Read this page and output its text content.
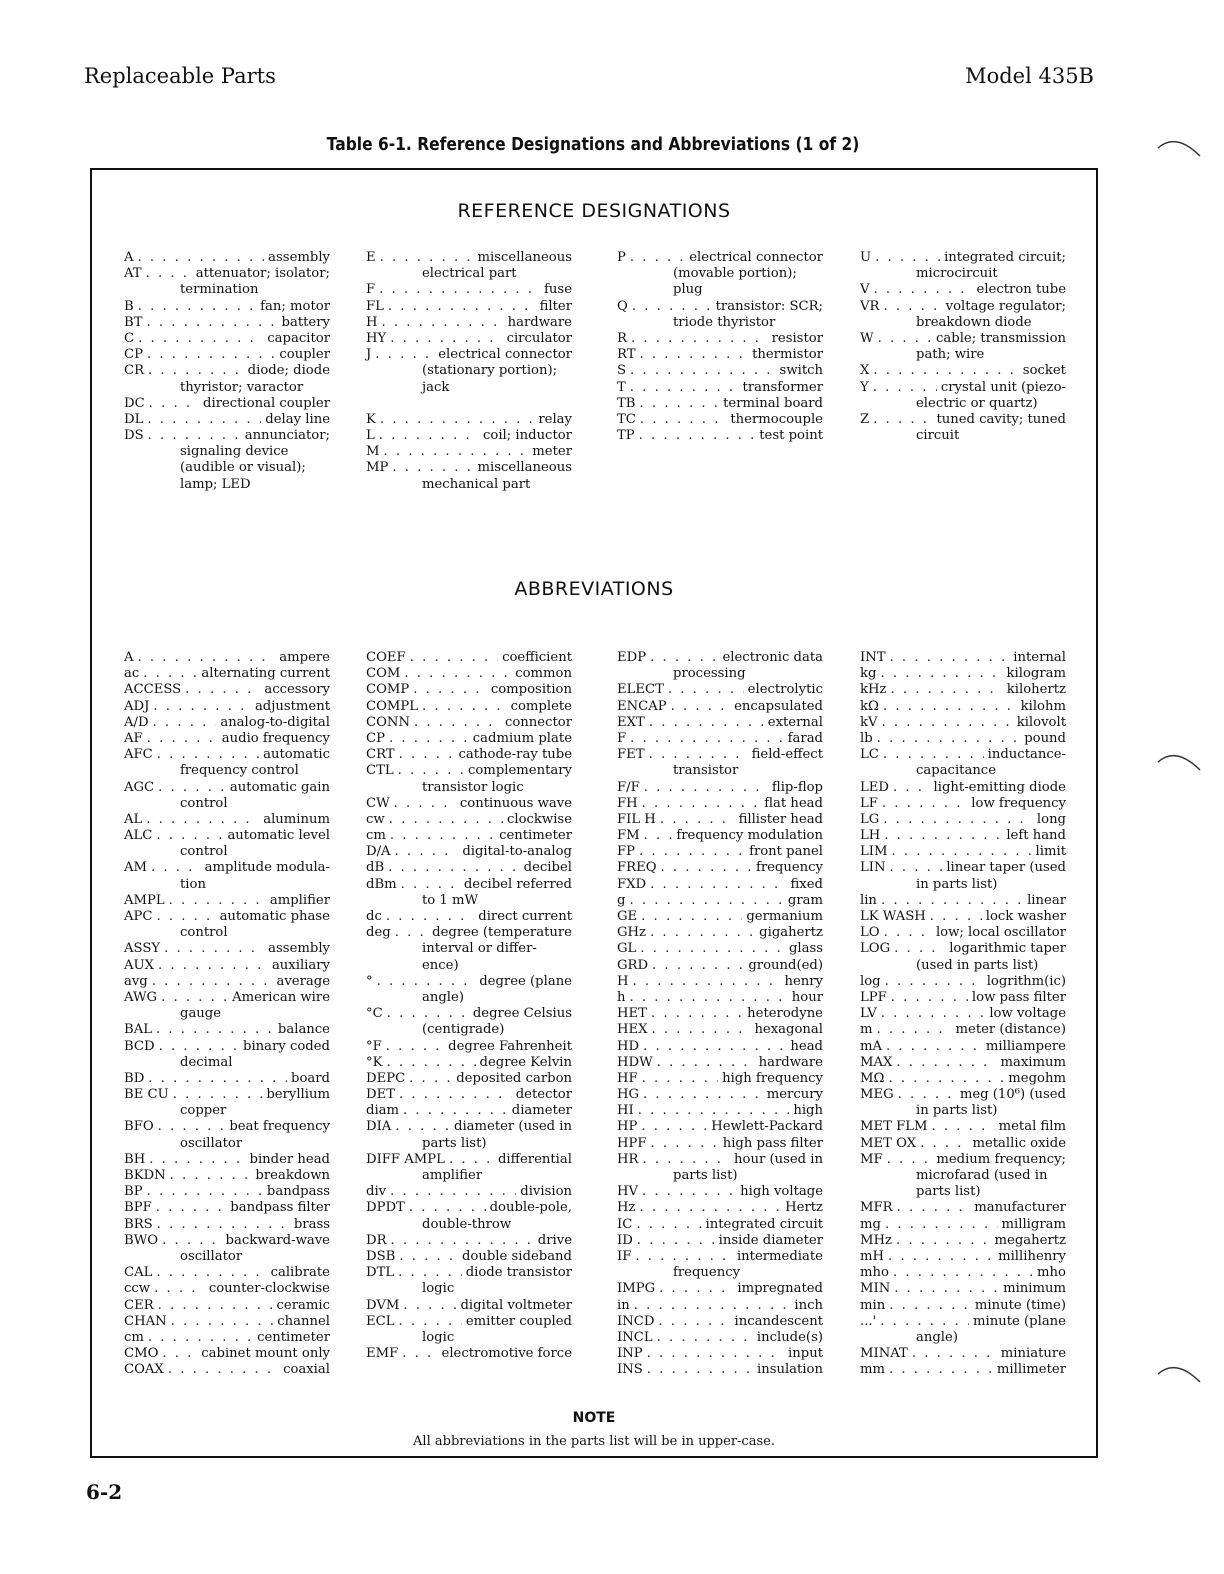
Replaceable Parts	Model 435B
Table 6-1. Reference Designations and Abbreviations (1 of 2)
REFERENCE DESIGNATIONS
A . . .	assembly
AT . . .	attenuator; isolator;
termination
B . . .	fan; motor
BT . . .	battery
C . . .	capacitor
CP . . .	coupler
CR . . .	diode; diode
thyristor; varactor
DC . . .	directional coupler
DL . . .	delay line
DS . . .	annunciator;
signaling device
(audible or visual);
lamp; LED
E . . .	miscellaneous
electrical part
F . . .	fuse
FL . . .	filter
H . . .	hardware
HY . . .	circulator
J . . .	electrical connector
(stationary portion);
jack
K . . .	relay
L . . .	coil; inductor
M . . .	meter
MP . . .	miscellaneous
mechanical part
P . . .	electrical connector
(movable portion);
plug
Q . . .	transistor: SCR;
triode thyristor
R . . .	resistor
RT . . .	thermistor
S . . .	switch
T . . .	transformer
TB . . .	terminal board
TC . . .	thermocouple
TP . . .	test point
U . . .	integrated circuit;
microcircuit
V . . .	electron tube
VR . . .	voltage regulator;
breakdown diode
W . . .	cable; transmission
path; wire
X . . .	socket
Y . . .	crystal unit (piezo-
electric or quartz)
Z . . .	tuned cavity; tuned
circuit
ABBREVIATIONS
A . . .	ampere
ac . . .	alternating current
ACCESS . . .	accessory
ADJ . . .	adjustment
A/D . . .	analog-to-digital
AF . . .	audio frequency
AFC . . .	automatic
frequency control
AGC . . .	automatic gain
control
AL . . .	aluminum
ALC . . .	automatic level
control
AM . . .	amplitude modula-
tion
AMPL . . .	amplifier
APC . . .	automatic phase
control
ASSY . . .	assembly
AUX . . .	auxiliary
avg . . .	average
AWG . . .	American wire
gauge
BAL . . .	balance
BCD . . .	binary coded
decimal
BD . . .	board
BE CU . . .	beryllium
copper
BFO . . .	beat frequency
oscillator
BH . . .	binder head
BKDN . . .	breakdown
BP . . .	bandpass
BPF . . .	bandpass filter
BRS . . .	brass
BWO . . .	backward-wave
oscillator
CAL . . .	calibrate
ccw . . .	counter-clockwise
CER . . .	ceramic
CHAN . . .	channel
cm . . .	centimeter
CMO . . .	cabinet mount only
COAX . . .	coaxial
COEF . . .	coefficient
COM . . .	common
COMP . . .	composition
COMPL . . .	complete
CONN . . .	connector
CP . . .	cadmium plate
CRT . . .	cathode-ray tube
CTL . . .	complementary
transistor logic
CW . . .	continuous wave
cw . . .	clockwise
cm . . .	centimeter
D/A . . .	digital-to-analog
dB . . .	decibel
dBm . . .	decibel referred
to 1 mW
dc . . .	direct current
deg . . .	degree (temperature
interval or differ-
ence)
° . . .	degree (plane
angle)
°C . . .	degree Celsius
(centigrade)
°F . . .	degree Fahrenheit
°K . . .	degree Kelvin
DEPC . . .	deposited carbon
DET . . .	detector
diam . . .	diameter
DIA . . .	diameter (used in
parts list)
DIFF AMPL . . .	differential
amplifier
div . . .	division
DPDT . . .	double-pole,
double-throw
DR . . .	drive
DSB . . .	double sideband
DTL . . .	diode transistor
logic
DVM . . .	digital voltmeter
ECL . . .	emitter coupled
logic
EMF . . .	electromotive force
EDP . . .	electronic data
processing
ELECT . . .	electrolytic
ENCAP . . .	encapsulated
EXT . . .	external
F . . .	farad
FET . . .	field-effect
transistor
F/F . . .	flip-flop
FH . . .	flat head
FIL H . . .	fillister head
FM . . .	frequency modulation
FP . . .	front panel
FREQ . . .	frequency
FXD . . .	fixed
g . . .	gram
GE . . .	germanium
GHz . . .	gigahertz
GL . . .	glass
GRD . . .	ground(ed)
H . . .	henry
h . . .	hour
HET . . .	heterodyne
HEX . . .	hexagonal
HD . . .	head
HDW . . .	hardware
HF . . .	high frequency
HG . . .	mercury
HI . . .	high
HP . . .	Hewlett-Packard
HPF . . .	high pass filter
HR . . .	hour (used in
parts list)
HV . . .	high voltage
Hz . . .	Hertz
IC . . .	integrated circuit
ID . . .	inside diameter
IF . . .	intermediate
frequency
IMPG . . .	impregnated
in . . .	inch
INCD . . .	incandescent
INCL . . .	include(s)
INP . . .	input
INS . . .	insulation
INT . . .	internal
kg . . .	kilogram
kHz . . .	kilohertz
kΩ . . .	kilohm
kV . . .	kilovolt
lb . . .	pound
LC . . .	inductance-
capacitance
LED . . .	light-emitting diode
LF . . .	low frequency
LG . . .	long
LH . . .	left hand
LIM . . .	limit
LIN . . .	linear taper (used
in parts list)
lin . . .	linear
LK WASH . . .	lock washer
LO . . .	low; local oscillator
LOG . . .	logarithmic taper
(used in parts list)
log . . .	logrithm(ic)
LPF . . .	low pass filter
LV . . .	low voltage
m . . .	meter (distance)
mA . . .	milliampere
MAX . . .	maximum
MΩ . . .	megohm
MEG . . .	meg (10⁶) (used
in parts list)
MET FLM . . .	metal film
MET OX . . .	metallic oxide
MF . . .	medium frequency;
microfarad (used in
parts list)
MFR . . .	manufacturer
mg . . .	milligram
MHz . . .	megahertz
mH . . .	millihenry
mho . . .	mho
MIN . . .	minimum
min . . .	minute (time)
...' . . .	minute (plane
angle)
MINAT . . .	miniature
mm . . .	millimeter
NOTE
All abbreviations in the parts list will be in upper-case.
6-2
